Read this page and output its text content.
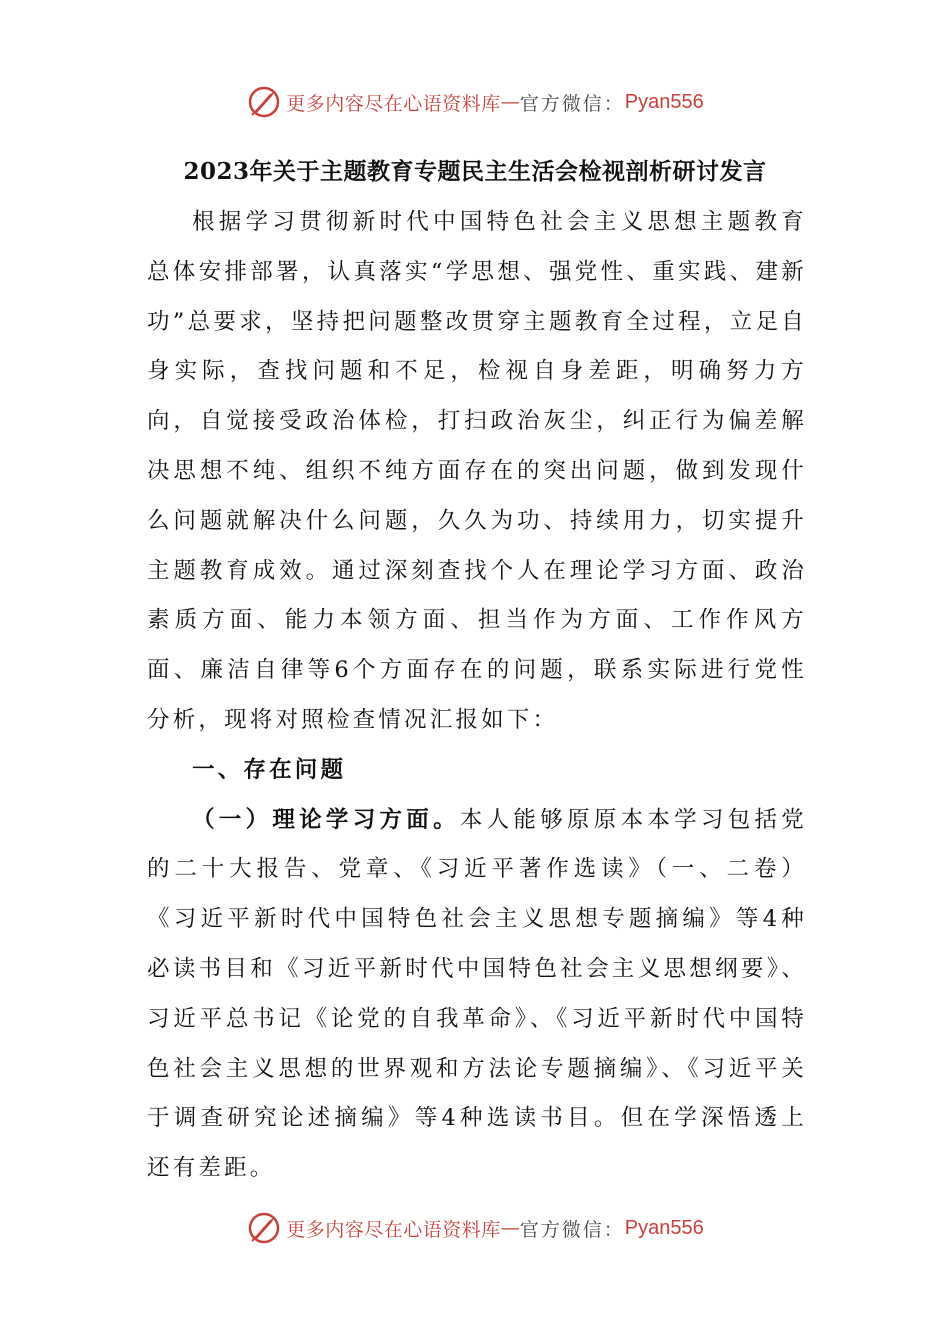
更多内容尽在心语资料库 — 官方微信： Pyan556
2023年关于主题教育专题民主生活会检视剖析研讨发言

根据学习贯彻新时代中国特色社会主义思想主题教育总体安排部署，认真落实“学思想、强党性、重实践、建新功”总要求，坚持把问题整改贯穿主题教育全过程，立足自身实际，查找问题和不足，检视自身差距，明确努力方向，自觉接受政治体检，打扫政治灰尘，纠正行为偏差解决思想不纯、组织不纯方面存在的突出问题，做到发现什么问题就解决什么问题，久久为功、持续用力，切实提升主题教育成效。通过深刻查找个人在理论学习方面、政治素质方面、能力本领方面、担当作为方面、工作作风方面、廉洁自律等6个方面存在的问题，联系实际进行党性分析，现将对照检查情况汇报如下：

一、存在问题

（一）理论学习方面。本人能够原原本本学习包括党的二十大报告、党章、《习近平著作选读》（一、二卷）《习近平新时代中国特色社会主义思想专题摘编》等4种必读书目和《习近平新时代中国特色社会主义思想纲要》、习近平总书记《论党的自我革命》、《习近平新时代中国特色社会主义思想的世界观和方法论专题摘编》、《习近平关于调查研究论述摘编》等4种选读书目。但在学深悟透上还有差距。

更多内容尽在心语资料库 — 官方微信： Pyan556
